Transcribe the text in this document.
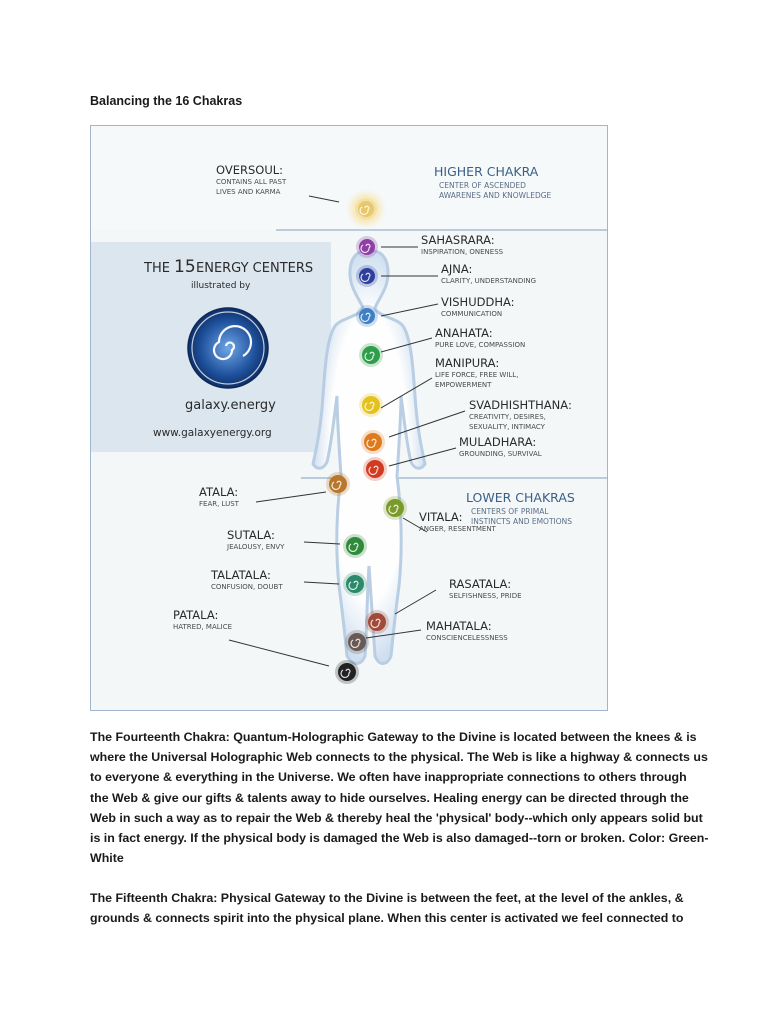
Balancing the 16 Chakras
HIGHER CHAKRA
CENTER OF ASCENDED
AWARENES AND KNOWLEDGE
LOWER CHAKRAS
CENTERS OF PRIMAL
INSTINCTS AND EMOTIONS
THE 15 ENERGY CENTERS
illustrated by
galaxy.energy
www.galaxyenergy.org
OVERSOUL:
CONTAINS ALL PAST
LIVES AND KARMA
SAHASRARA:
INSPIRATION, ONENESS
AJNA:
CLARITY, UNDERSTANDING
VISHUDDHA:
COMMUNICATION
ANAHATA:
PURE LOVE, COMPASSION
MANIPURA:
LIFE FORCE, FREE WILL,
EMPOWERMENT
SVADHISHTHANA:
CREATIVITY, DESIRES,
SEXUALITY, INTIMACY
MULADHARA:
GROUNDING, SURVIVAL
ATALA:
FEAR, LUST
VITALA:
ANGER, RESENTMENT
SUTALA:
JEALOUSY, ENVY
TALATALA:
CONFUSION, DOUBT	RASATALA:
SELFISHNESS, PRIDE
PATALA:
HATRED, MALICE	MAHATALA:
CONSCIENCELESSNESS
The Fourteenth Chakra: Quantum-Holographic Gateway to the Divine is located between the knees & is
where the Universal Holographic Web connects to the physical. The Web is like a highway & connects us
to everyone & everything in the Universe. We often have inappropriate connections to others through
the Web & give our gifts & talents away to hide ourselves. Healing energy can be directed through the
Web in such a way as to repair the Web & thereby heal the 'physical' body--which only appears solid but
is in fact energy. If the physical body is damaged the Web is also damaged--torn or broken. Color: Green-
White
The Fifteenth Chakra: Physical Gateway to the Divine is between the feet, at the level of the ankles, &
grounds & connects spirit into the physical plane. When this center is activated we feel connected to
